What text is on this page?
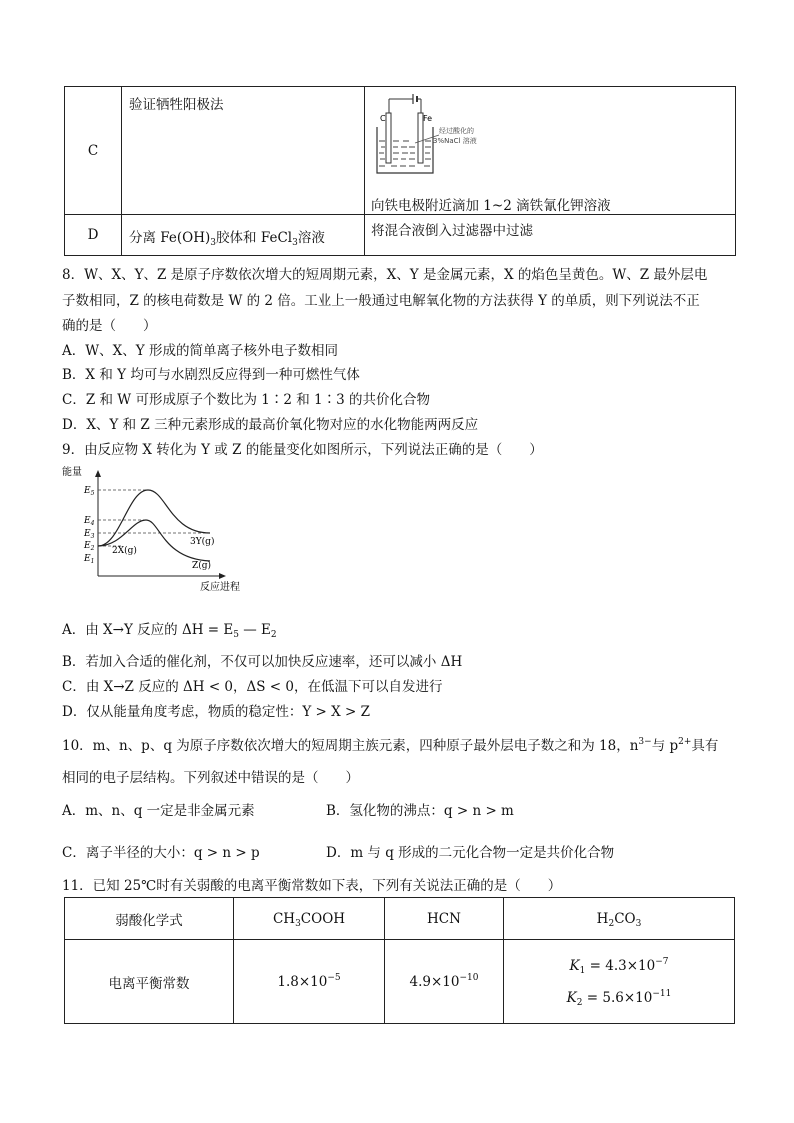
C	验证牺牲阳极法	C Fe
经过酸化的
3%NaCl 溶液
向铁电极附近滴加 1~2 滴铁氰化钾溶液

D	分离 $Fe(OH)_3$胶体和 FeCl$_3$溶液	将混合液倒入过滤器中过滤
8．W、X、Y、Z 是原子序数依次增大的短周期元素，X、Y 是金属元素，X 的焰色呈黄色。W、Z 最外层电
子数相同，Z 的核电荷数是 W 的 2 倍。工业上一般通过电解氧化物的方法获得 Y 的单质，则下列说法不正
确的是（　　）
A．W、X、Y 形成的简单离子核外电子数相同
B．X 和 Y 均可与水剧烈反应得到一种可燃性气体
C．Z 和 W 可形成原子个数比为 1∶2 和 1∶3 的共价化合物
D．X、Y 和 Z 三种元素形成的最高价氧化物对应的水化物能两两反应
9．由反应物 X 转化为 Y 或 Z 的能量变化如图所示，下列说法正确的是（　　）
能量
反应进程
$E_5$
$E_4$
$E_3$
$E_2$
$E_1$
2X(g)
3Y(g)
Z(g)
A．由 X→Y 反应的 $\Delta H = E_5$ — $E_2$
B．若加入合适的催化剂，不仅可以加快反应速率，还可以减小 ΔH
C．由 X→Z 反应的 ΔH < 0，ΔS < 0，在低温下可以自发进行
D．仅从能量角度考虑，物质的稳定性：Y > X > Z
10．m、n、p、q 为原子序数依次增大的短周期主族元素，四种原子最外层电子数之和为 18，$n^{3-}$与 $p^{2+}$具有
相同的电子层结构。下列叙述中错误的是（　　）
A．m、n、q 一定是非金属元素	B．氢化物的沸点：q > n > m
C．离子半径的大小：q > n > p	D．m 与 q 形成的二元化合物一定是共价化合物
11．已知 25℃时有关弱酸的电离平衡常数如下表，下列有关说法正确的是（　　）
弱酸化学式	$CH_3COOH$	HCN	$H_2CO_3$
电离平衡常数	$1.8\times 10^{-5}$	$4.9\times 10^{-10}$	$K_1 = 4.3\times 10^{-7}$
$K_2 = 5.6\times 10^{-11}$
